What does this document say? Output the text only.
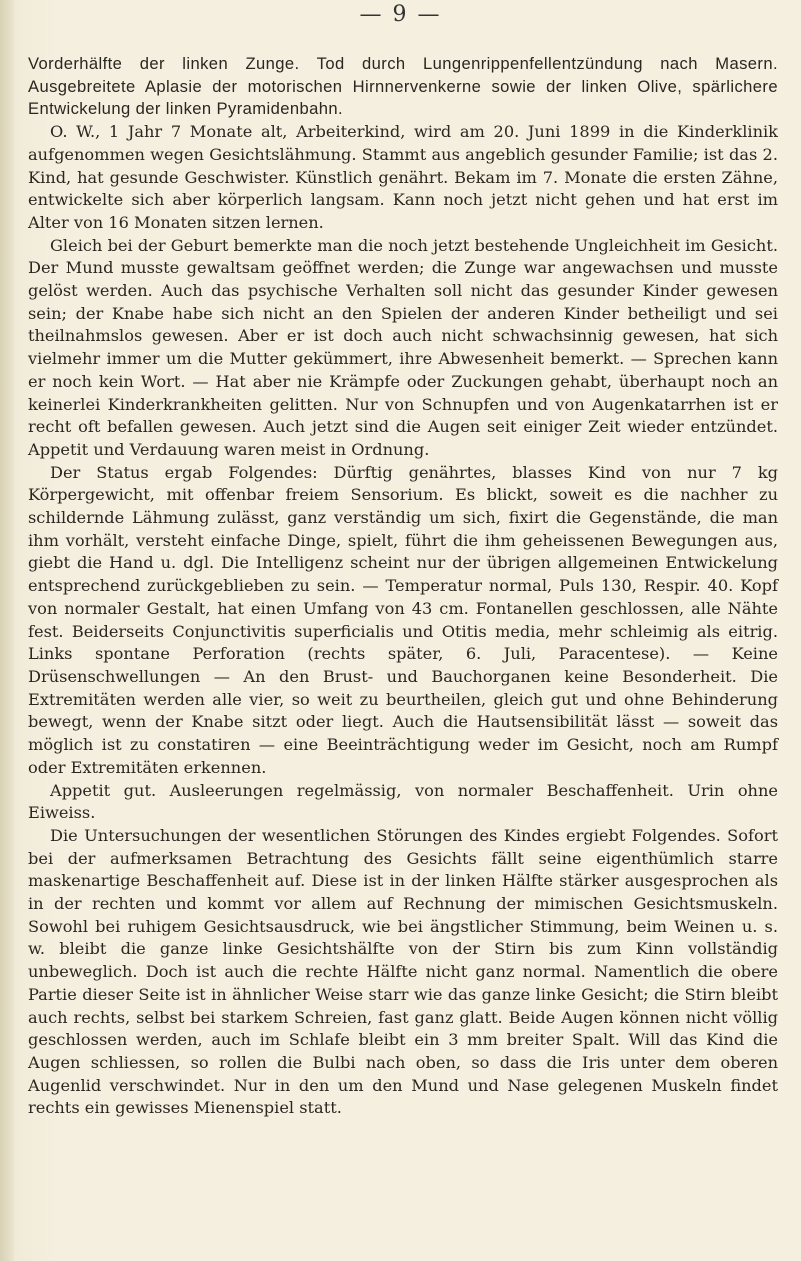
— 9 —

Vorderhälfte der linken Zunge. Tod durch Lungenrippenfellentzündung nach Masern. Ausgebreitete Aplasie der motorischen Hirnnervenkerne sowie der linken Olive, spärlichere Entwickelung der linken Pyramidenbahn.

O. W., 1 Jahr 7 Monate alt, Arbeiterkind, wird am 20. Juni 1899 in die Kinderklinik aufgenommen wegen Gesichtslähmung. Stammt aus angeblich gesunder Familie; ist das 2. Kind, hat gesunde Geschwister. Künstlich genährt. Bekam im 7. Monate die ersten Zähne, entwickelte sich aber körperlich langsam. Kann noch jetzt nicht gehen und hat erst im Alter von 16 Monaten sitzen lernen.

Gleich bei der Geburt bemerkte man die noch jetzt bestehende Ungleichheit im Gesicht. Der Mund musste gewaltsam geöffnet werden; die Zunge war angewachsen und musste gelöst werden. Auch das psychische Verhalten soll nicht das gesunder Kinder gewesen sein; der Knabe habe sich nicht an den Spielen der anderen Kinder betheiligt und sei theilnahmslos gewesen. Aber er ist doch auch nicht schwachsinnig gewesen, hat sich vielmehr immer um die Mutter gekümmert, ihre Abwesenheit bemerkt. — Sprechen kann er noch kein Wort. — Hat aber nie Krämpfe oder Zuckungen gehabt, überhaupt noch an keinerlei Kinderkrankheiten gelitten. Nur von Schnupfen und von Augenkatarrhen ist er recht oft befallen gewesen. Auch jetzt sind die Augen seit einiger Zeit wieder entzündet. Appetit und Verdauung waren meist in Ordnung.

Der Status ergab Folgendes: Dürftig genährtes, blasses Kind von nur 7 kg Körpergewicht, mit offenbar freiem Sensorium. Es blickt, soweit es die nachher zu schildernde Lähmung zulässt, ganz verständig um sich, fixirt die Gegenstände, die man ihm vorhält, versteht einfache Dinge, spielt, führt die ihm geheissenen Bewegungen aus, giebt die Hand u. dgl. Die Intelligenz scheint nur der übrigen allgemeinen Entwickelung entsprechend zurückgeblieben zu sein. — Temperatur normal, Puls 130, Respir. 40. Kopf von normaler Gestalt, hat einen Umfang von 43 cm. Fontanellen geschlossen, alle Nähte fest. Beiderseits Conjunctivitis superficialis und Otitis media, mehr schleimig als eitrig. Links spontane Perforation (rechts später, 6. Juli, Paracentese). — Keine Drüsenschwellungen — An den Brust- und Bauchorganen keine Besonderheit. Die Extremitäten werden alle vier, so weit zu beurtheilen, gleich gut und ohne Behinderung bewegt, wenn der Knabe sitzt oder liegt. Auch die Hautsensibilität lässt — soweit das möglich ist zu constatiren — eine Beeinträchtigung weder im Gesicht, noch am Rumpf oder Extremitäten erkennen.

Appetit gut. Ausleerungen regelmässig, von normaler Beschaffenheit. Urin ohne Eiweiss.

Die Untersuchungen der wesentlichen Störungen des Kindes ergiebt Folgendes. Sofort bei der aufmerksamen Betrachtung des Gesichts fällt seine eigenthümlich starre maskenartige Beschaffenheit auf. Diese ist in der linken Hälfte stärker ausgesprochen als in der rechten und kommt vor allem auf Rechnung der mimischen Gesichtsmuskeln. Sowohl bei ruhigem Gesichtsausdruck, wie bei ängstlicher Stimmung, beim Weinen u. s. w. bleibt die ganze linke Gesichtshälfte von der Stirn bis zum Kinn vollständig unbeweglich. Doch ist auch die rechte Hälfte nicht ganz normal. Namentlich die obere Partie dieser Seite ist in ähnlicher Weise starr wie das ganze linke Gesicht; die Stirn bleibt auch rechts, selbst bei starkem Schreien, fast ganz glatt. Beide Augen können nicht völlig geschlossen werden, auch im Schlafe bleibt ein 3 mm breiter Spalt. Will das Kind die Augen schliessen, so rollen die Bulbi nach oben, so dass die Iris unter dem oberen Augenlid verschwindet. Nur in den um den Mund und Nase gelegenen Muskeln findet rechts ein gewisses Mienenspiel statt.
